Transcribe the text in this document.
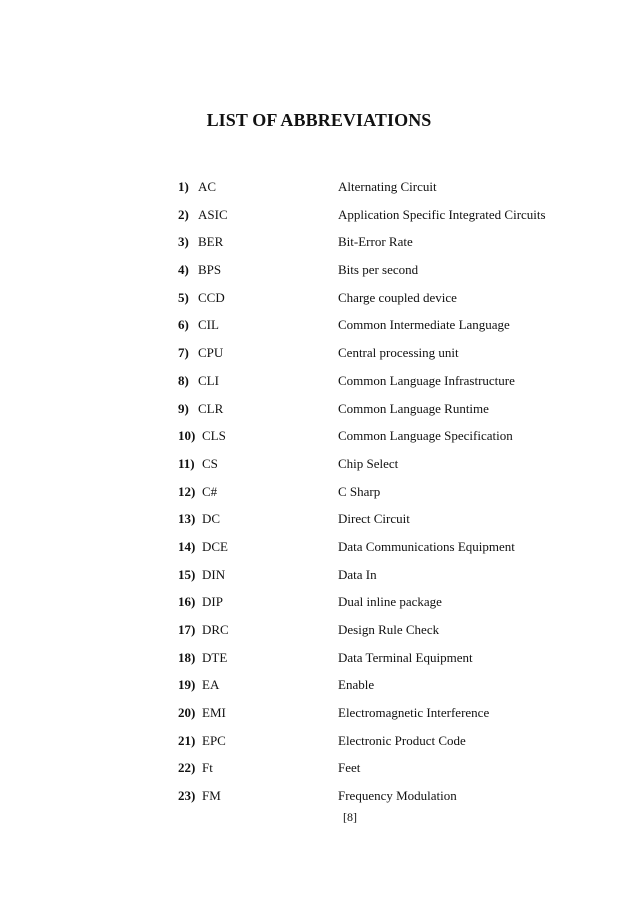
LIST OF ABBREVIATIONS
1) AC	Alternating Circuit
2) ASIC	Application Specific Integrated Circuits
3) BER	Bit-Error Rate
4) BPS	Bits per second
5) CCD	Charge coupled device
6) CIL	Common Intermediate Language
7) CPU	Central processing unit
8) CLI	Common Language Infrastructure
9) CLR	Common Language Runtime
10) CLS	Common Language Specification
11) CS	Chip Select
12) C#	C Sharp
13) DC	Direct Circuit
14) DCE	Data Communications Equipment
15) DIN	Data In
16) DIP	Dual inline package
17) DRC	Design Rule Check
18) DTE	Data Terminal Equipment
19) EA	Enable
20) EMI	Electromagnetic Interference
21) EPC	Electronic Product Code
22) Ft	Feet
23) FM	Frequency Modulation
[8]
